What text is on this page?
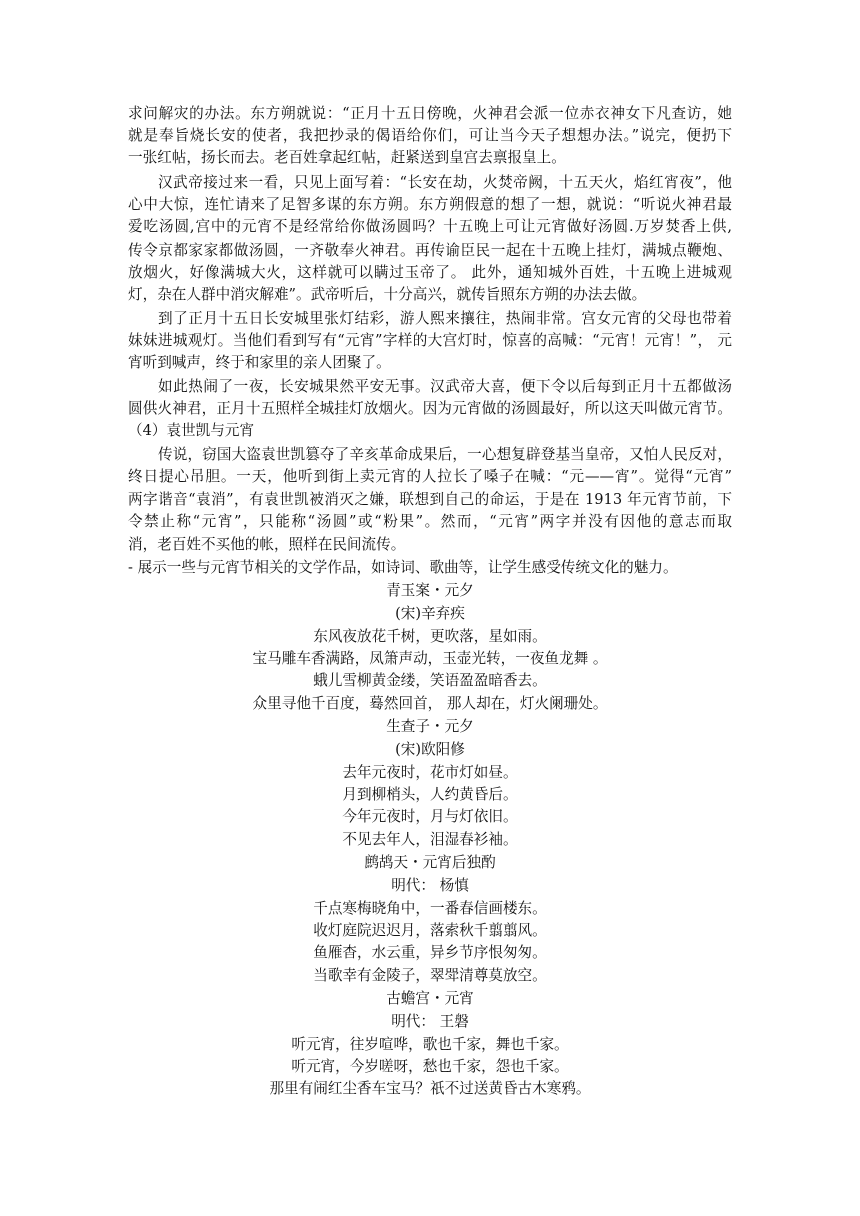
求问解灾的办法。东方朔就说：“正月十五日傍晚，火神君会派一位赤衣神女下凡查访，她
就是奉旨烧长安的使者，我把抄录的偈语给你们，可让当今天子想想办法。”说完，便扔下
一张红帖，扬长而去。老百姓拿起红帖，赶紧送到皇宫去禀报皇上。
汉武帝接过来一看，只见上面写着：“长安在劫，火焚帝阙，十五天火，焰红宵夜”，他
心中大惊，连忙请来了足智多谋的东方朔。东方朔假意的想了一想，就说：“听说火神君最
爱吃汤圆,宫中的元宵不是经常给你做汤圆吗？十五晚上可让元宵做好汤圆.万岁焚香上供,
传令京都家家都做汤圆，一齐敬奉火神君。再传谕臣民一起在十五晚上挂灯，满城点鞭炮、
放烟火，好像满城大火，这样就可以瞒过玉帝了。 此外，通知城外百姓，十五晚上进城观
灯，杂在人群中消灾解难”。武帝听后，十分高兴，就传旨照东方朔的办法去做。
到了正月十五日长安城里张灯结彩，游人熙来攘往，热闹非常。宫女元宵的父母也带着
妹妹进城观灯。当他们看到写有“元宵”字样的大宫灯时，惊喜的高喊：“元宵！元宵！”， 元
宵听到喊声，终于和家里的亲人团聚了。
如此热闹了一夜，长安城果然平安无事。汉武帝大喜，便下令以后每到正月十五都做汤
圆供火神君，正月十五照样全城挂灯放烟火。因为元宵做的汤圆最好，所以这天叫做元宵节。
（4）袁世凯与元宵
传说，窃国大盗袁世凯篡夺了辛亥革命成果后，一心想复辟登基当皇帝，又怕人民反对，
终日提心吊胆。一天，他听到街上卖元宵的人拉长了嗓子在喊：“元——宵”。觉得“元宵”
两字谐音“袁消”，有袁世凯被消灭之嫌，联想到自己的命运，于是在 1913 年元宵节前，下
令禁止称“元宵”，只能称“汤圆”或“粉果”。然而，“元宵”两字并没有因他的意志而取
消，老百姓不买他的帐，照样在民间流传。
- 展示一些与元宵节相关的文学作品，如诗词、歌曲等，让学生感受传统文化的魅力。
青玉案・元夕
(宋)辛弃疾
东风夜放花千树，更吹落，星如雨。
宝马雕车香满路，凤箫声动，玉壶光转，一夜鱼龙舞 。
蛾儿雪柳黄金缕，笑语盈盈暗香去。
众里寻他千百度，蓦然回首， 那人却在，灯火阑珊处。
生查子・元夕
(宋)欧阳修
去年元夜时，花市灯如昼。
月到柳梢头，人约黄昏后。
今年元夜时，月与灯依旧。
不见去年人，泪湿春衫袖。
鹧鸪天・元宵后独酌
明代： 杨慎
千点寒梅晓角中，一番春信画楼东。
收灯庭院迟迟月，落索秋千翦翦风。
鱼雁杳，水云重，异乡节序恨匆匆。
当歌幸有金陵子，翠斝清尊莫放空。
古蟾宫・元宵
明代： 王磐
听元宵，往岁喧哗，歌也千家，舞也千家。
听元宵，今岁嗟呀，愁也千家，怨也千家。
那里有闹红尘香车宝马？祇不过送黄昏古木寒鸦。
